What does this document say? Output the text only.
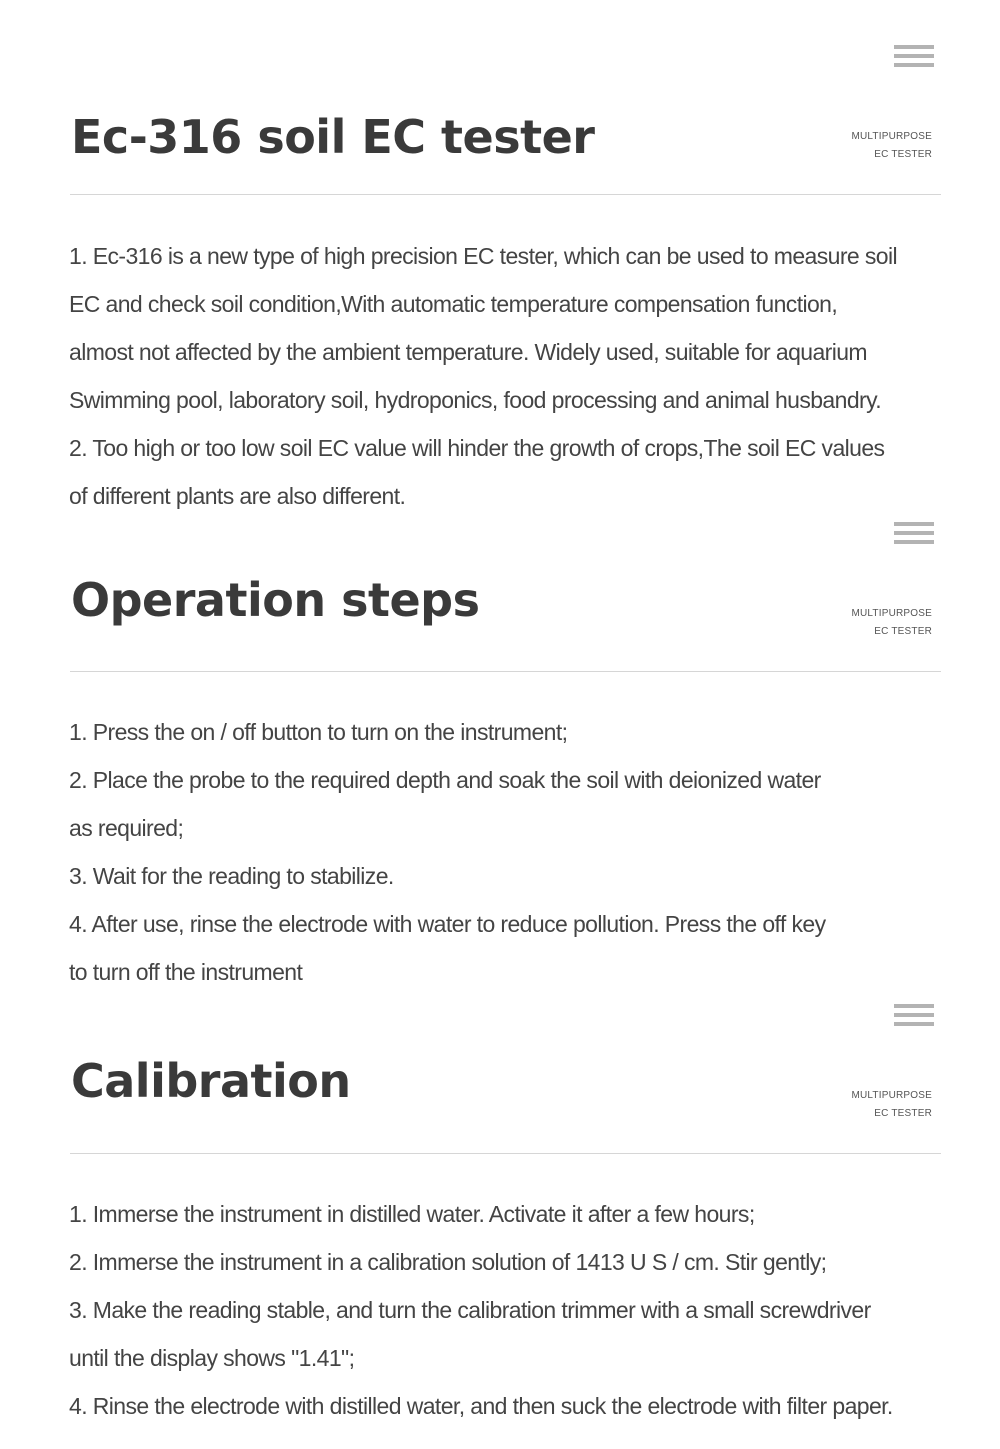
Ec-316 soil EC tester	MULTIPURPOSE
EC TESTER
1. Ec-316 is a new type of high precision EC tester, which can be used to measure soil
EC and check soil condition,With automatic temperature compensation function,
almost not affected by the ambient temperature. Widely used, suitable for aquarium
Swimming pool, laboratory soil, hydroponics, food processing and animal husbandry.
2. Too high or too low soil EC value will hinder the growth of crops,The soil EC values
of different plants are also different.
Operation steps	MULTIPURPOSE
EC TESTER
1. Press the on / off button to turn on the instrument;
2. Place the probe to the required depth and soak the soil with deionized water
as required;
3. Wait for the reading to stabilize.
4. After use, rinse the electrode with water to reduce pollution. Press the off key
to turn off the instrument
Calibration	MULTIPURPOSE
EC TESTER
1. Immerse the instrument in distilled water. Activate it after a few hours;
2. Immerse the instrument in a calibration solution of 1413 U S / cm. Stir gently;
3. Make the reading stable, and turn the calibration trimmer with a small screwdriver
until the display shows "1.41";
4. Rinse the electrode with distilled water, and then suck the electrode with filter paper.
